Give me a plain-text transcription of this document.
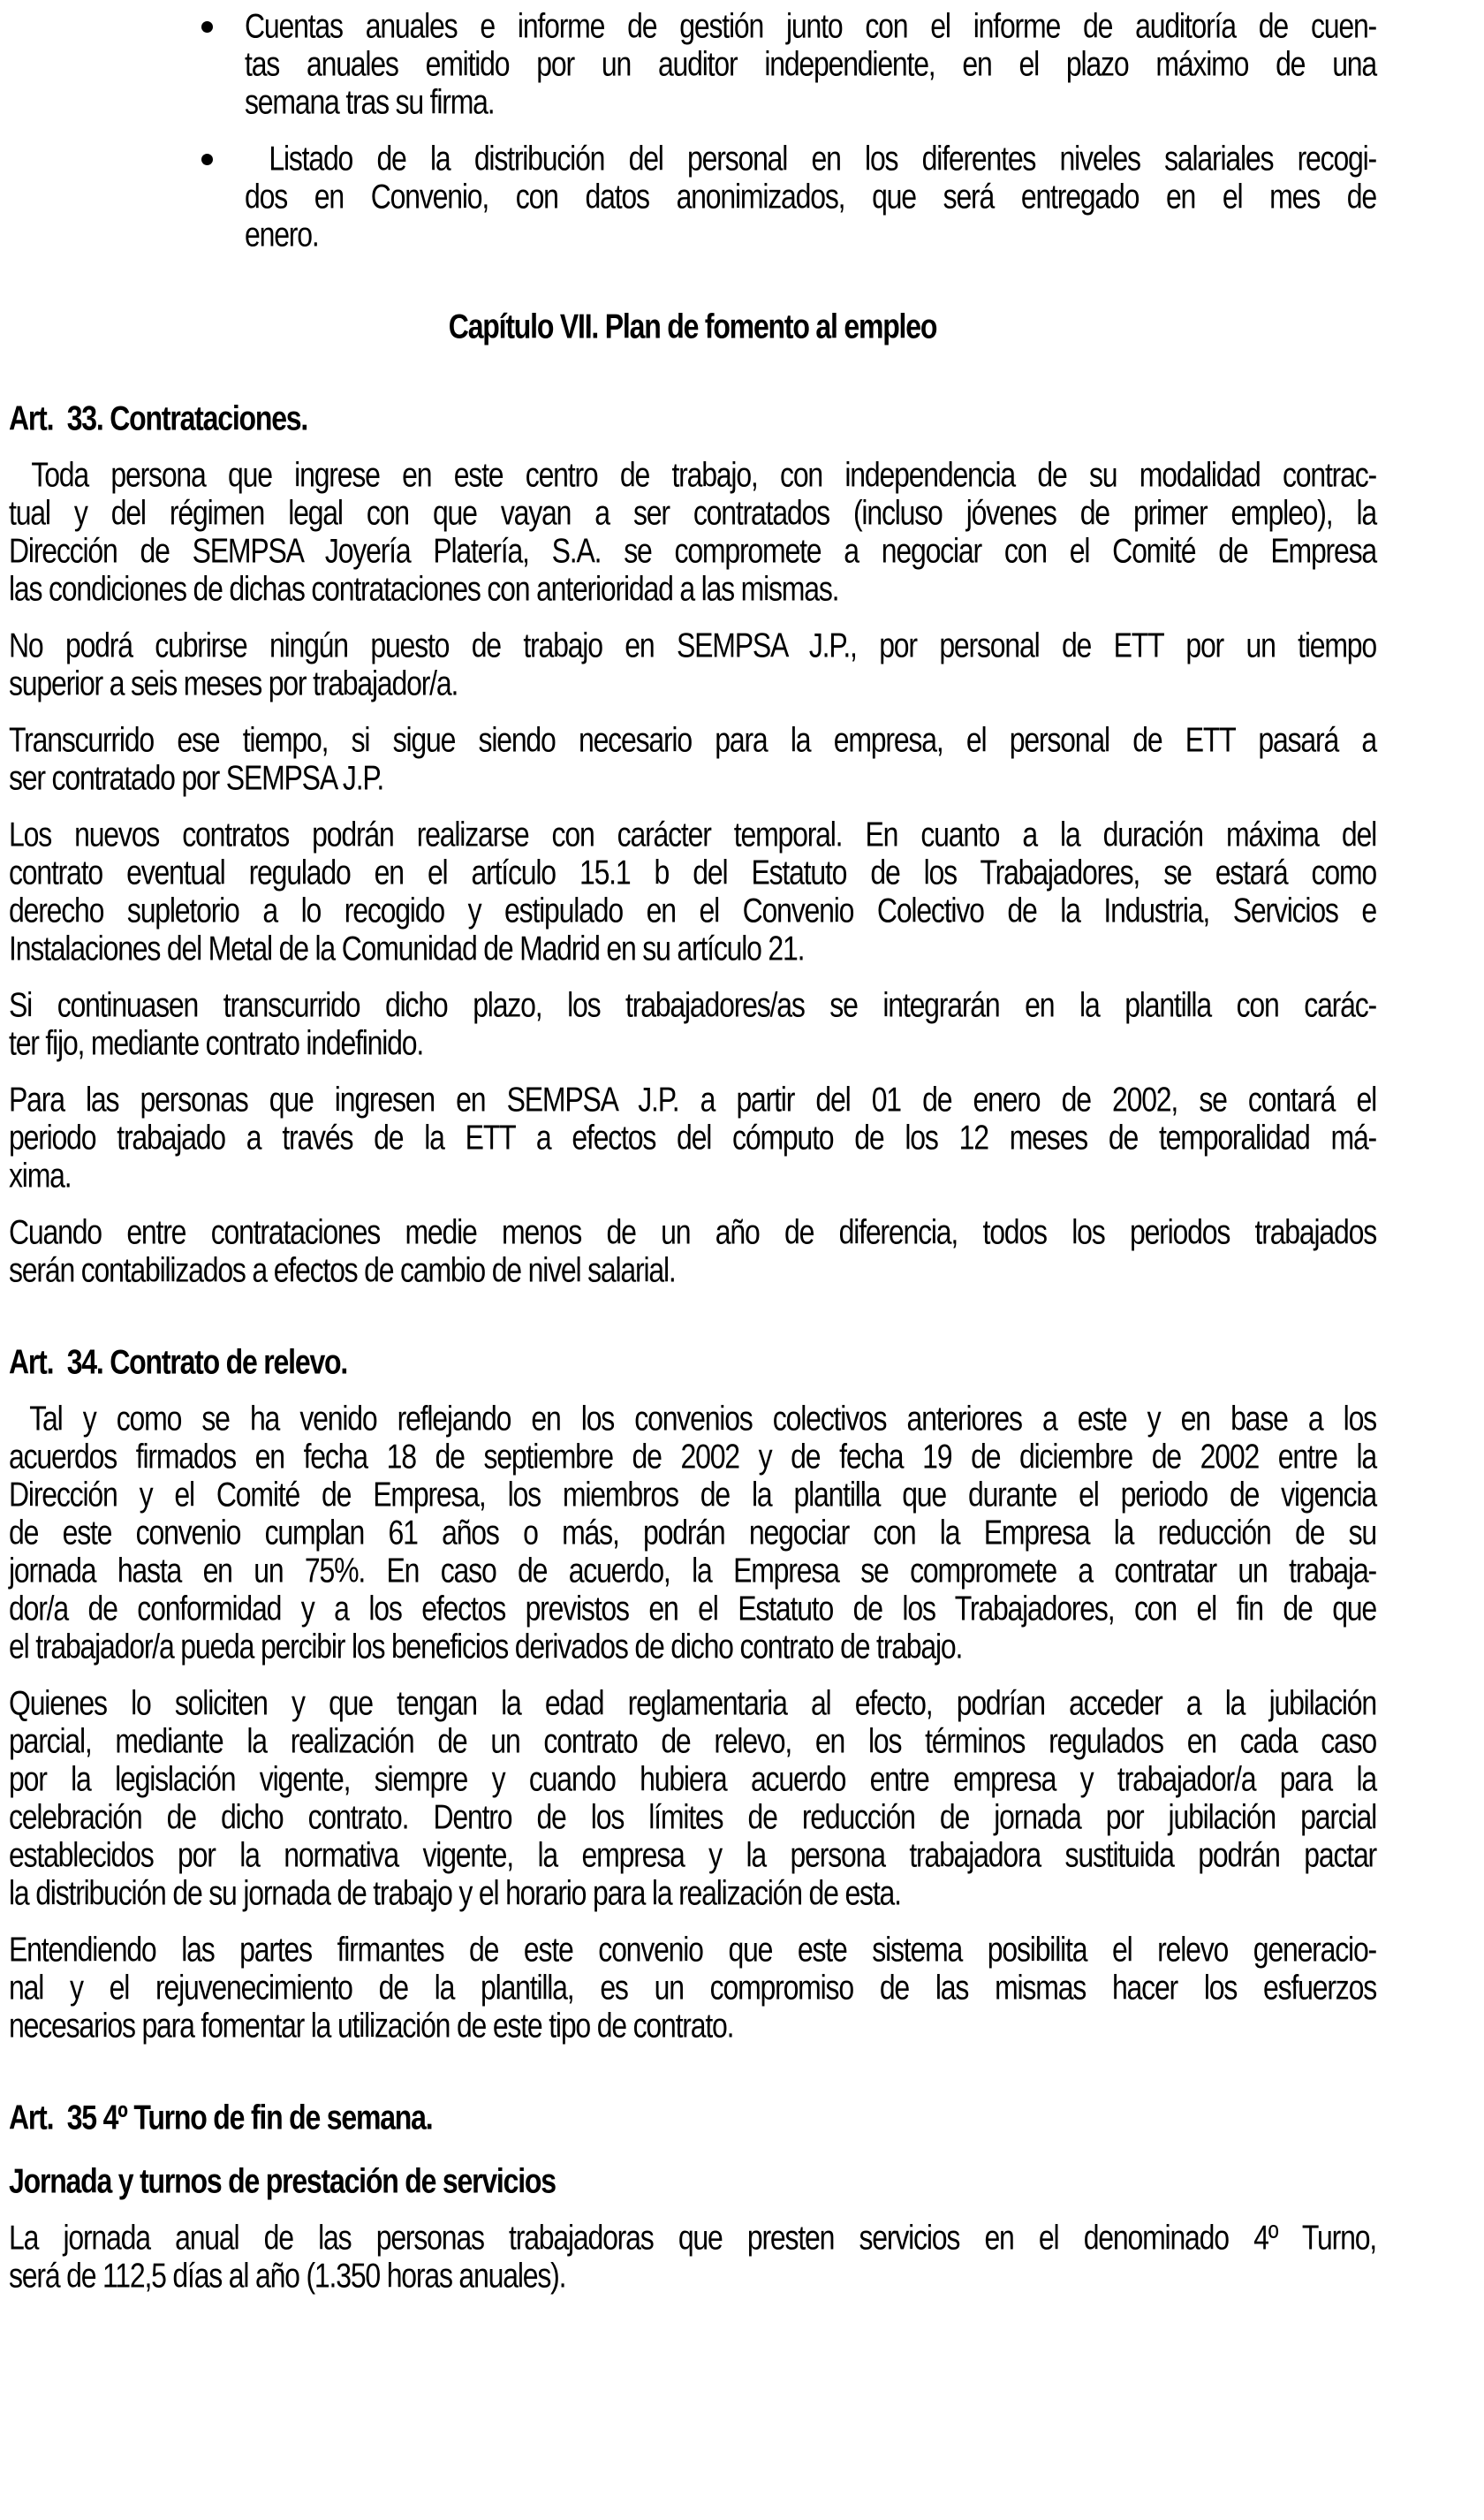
Cuentas anuales e informe de gestión junto con el informe de auditoría de cuen-
tas anuales emitido por un auditor independiente, en el plazo máximo de una
semana tras su firma.
Listado de la distribución del personal en los diferentes niveles salariales recogi-
dos en Convenio, con datos anonimizados, que será entregado en el mes de
enero.
Capítulo VII. Plan de fomento al empleo
Art.  33. Contrataciones.
Toda persona que ingrese en este centro de trabajo, con independencia de su modalidad contrac-
tual y del régimen legal con que vayan a ser contratados (incluso jóvenes de primer empleo), la
Dirección de SEMPSA Joyería Platería, S.A. se compromete a negociar con el Comité de Empresa
las condiciones de dichas contrataciones con anterioridad a las mismas.
No podrá cubrirse ningún puesto de trabajo en SEMPSA J.P., por personal de ETT por un tiempo
superior a seis meses por trabajador/a.
Transcurrido ese tiempo, si sigue siendo necesario para la empresa, el personal de ETT pasará a
ser contratado por SEMPSA J.P.
Los nuevos contratos podrán realizarse con carácter temporal. En cuanto a la duración máxima del
contrato eventual regulado en el artículo 15.1 b del Estatuto de los Trabajadores, se estará como
derecho supletorio a lo recogido y estipulado en el Convenio Colectivo de la Industria, Servicios e
Instalaciones del Metal de la Comunidad de Madrid en su artículo 21.
Si continuasen transcurrido dicho plazo, los trabajadores/as se integrarán en la plantilla con carác-
ter fijo, mediante contrato indefinido.
Para las personas que ingresen en SEMPSA J.P. a partir del 01 de enero de 2002, se contará el
periodo trabajado a través de la ETT a efectos del cómputo de los 12 meses de temporalidad má-
xima.
Cuando entre contrataciones medie menos de un año de diferencia, todos los periodos trabajados
serán contabilizados a efectos de cambio de nivel salarial.
Art.  34. Contrato de relevo.
Tal y como se ha venido reflejando en los convenios colectivos anteriores a este y en base a los
acuerdos firmados en fecha 18 de septiembre de 2002 y de fecha 19 de diciembre de 2002 entre la
Dirección y el Comité de Empresa, los miembros de la plantilla que durante el periodo de vigencia
de este convenio cumplan 61 años o más, podrán negociar con la Empresa la reducción de su
jornada hasta en un 75%. En caso de acuerdo, la Empresa se compromete a contratar un trabaja-
dor/a de conformidad y a los efectos previstos en el Estatuto de los Trabajadores, con el fin de que
el trabajador/a pueda percibir los beneficios derivados de dicho contrato de trabajo.
Quienes lo soliciten y que tengan la edad reglamentaria al efecto, podrían acceder a la jubilación
parcial, mediante la realización de un contrato de relevo, en los términos regulados en cada caso
por la legislación vigente, siempre y cuando hubiera acuerdo entre empresa y trabajador/a para la
celebración de dicho contrato. Dentro de los límites de reducción de jornada por jubilación parcial
establecidos por la normativa vigente, la empresa y la persona trabajadora sustituida podrán pactar
la distribución de su jornada de trabajo y el horario para la realización de esta.
Entendiendo las partes firmantes de este convenio que este sistema posibilita el relevo generacio-
nal y el rejuvenecimiento de la plantilla, es un compromiso de las mismas hacer los esfuerzos
necesarios para fomentar la utilización de este tipo de contrato.
Art.  35 4º Turno de fin de semana.
Jornada y turnos de prestación de servicios
La jornada anual de las personas trabajadoras que presten servicios en el denominado 4º Turno,
será de 112,5 días al año (1.350 horas anuales).
